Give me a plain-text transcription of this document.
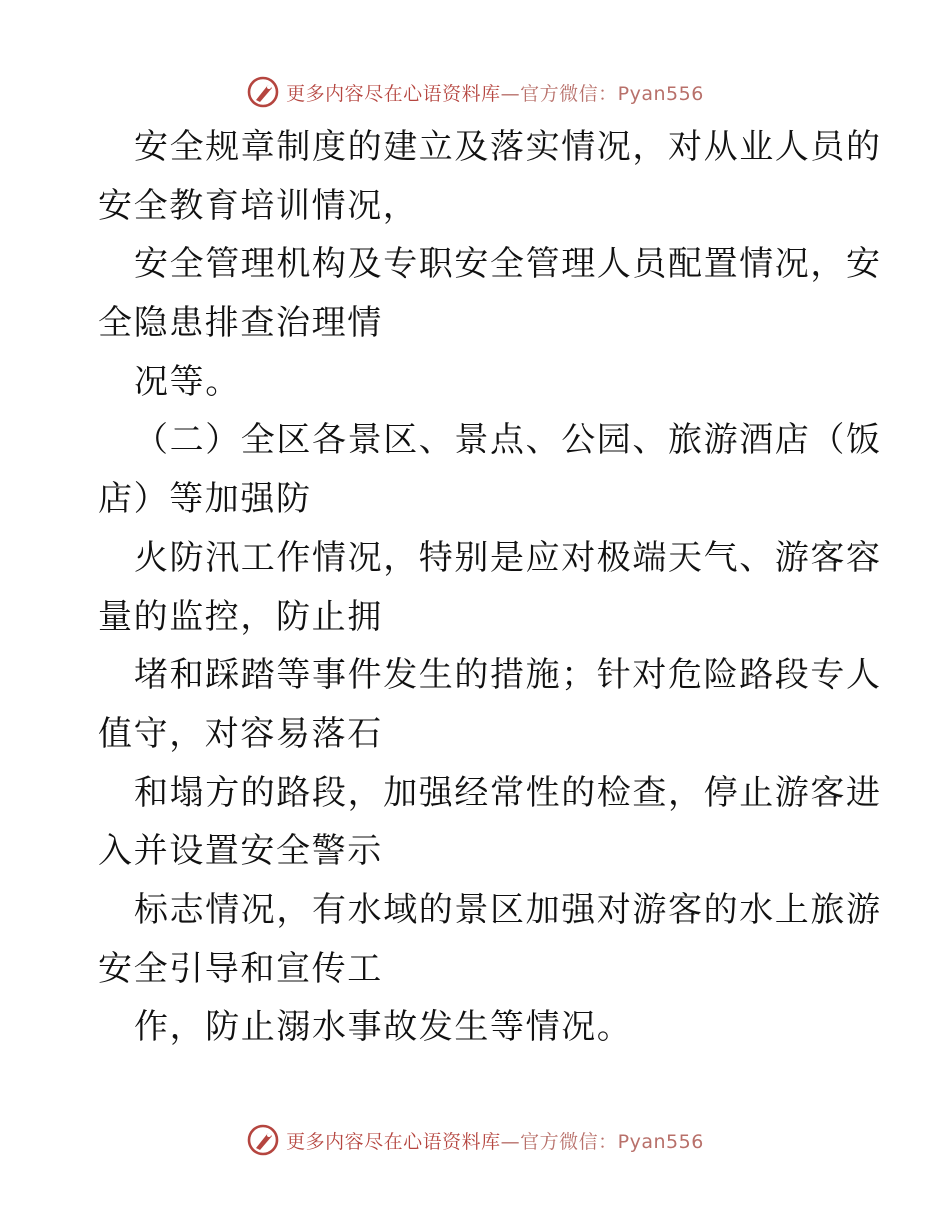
更多内容尽在心语资料库—官方微信：Pyan556
安全规章制度的建立及落实情况，对从业人员的
安全教育培训情况，
安全管理机构及专职安全管理人员配置情况，安
全隐患排查治理情
况等。
（二）全区各景区、景点、公园、旅游酒店（饭
店）等加强防
火防汛工作情况，特别是应对极端天气、游客容
量的监控，防止拥
堵和踩踏等事件发生的措施；针对危险路段专人
值守，对容易落石
和塌方的路段，加强经常性的检查，停止游客进
入并设置安全警示
标志情况，有水域的景区加强对游客的水上旅游
安全引导和宣传工
作，防止溺水事故发生等情况。
更多内容尽在心语资料库—官方微信：Pyan556
